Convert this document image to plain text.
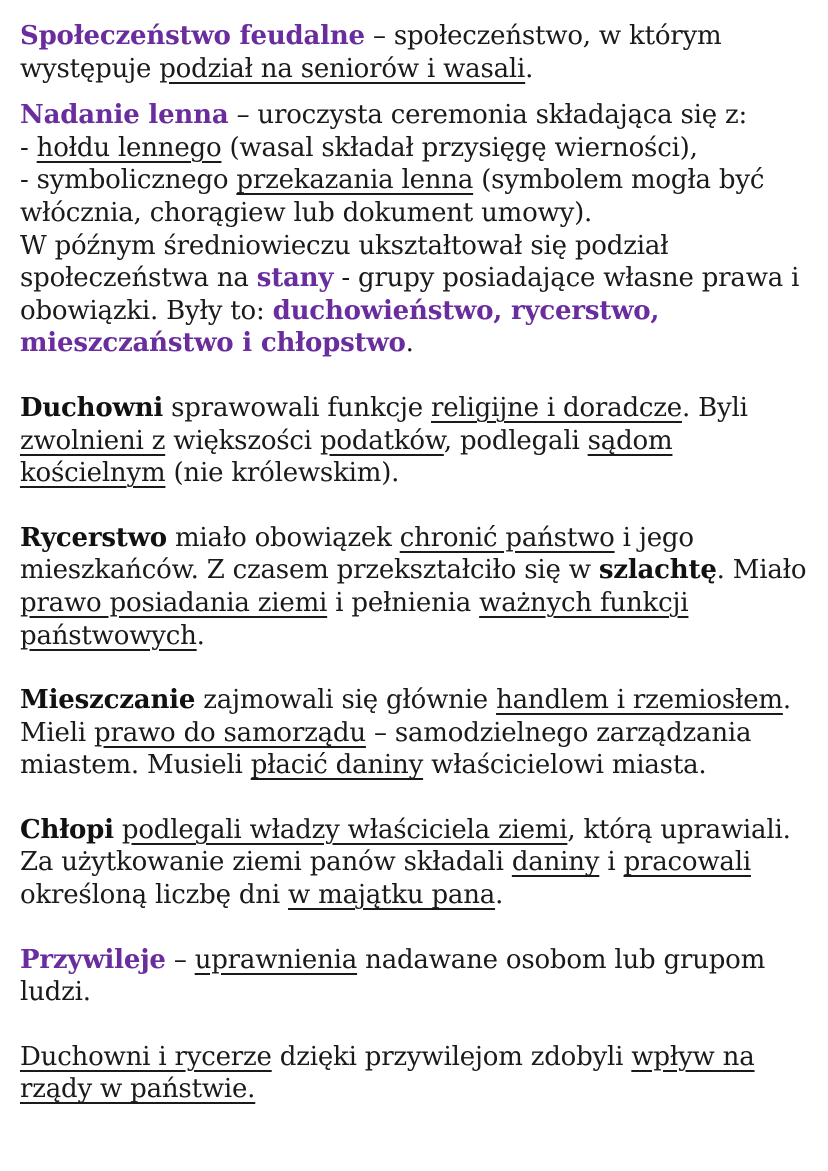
Społeczeństwo feudalne – społeczeństwo, w którym występuje podział na seniorów i wasali.

Nadanie lenna – uroczysta ceremonia składająca się z:

- hołdu lennego (wasal składał przysięgę wierności),

- symbolicznego przekazania lenna (symbolem mogła być włócznia, chorągiew lub dokument umowy).

W późnym średniowieczu ukształtował się podział społeczeństwa na stany - grupy posiadające własne prawa i obowiązki. Były to: duchowieństwo, rycerstwo, mieszczaństwo i chłopstwo.

Duchowni sprawowali funkcje religijne i doradcze. Byli zwolnieni z większości podatków, podlegali sądom kościelnym (nie królewskim).

Rycerstwo miało obowiązek chronić państwo i jego mieszkańców. Z czasem przekształciło się w szlachtę. Miało prawo posiadania ziemi i pełnienia ważnych funkcji państwowych.

Mieszczanie zajmowali się głównie handlem i rzemiosłem. Mieli prawo do samorządu – samodzielnego zarządzania miastem. Musieli płacić daniny właścicielowi miasta.

Chłopi podlegali władzy właściciela ziemi, którą uprawiali. Za użytkowanie ziemi panów składali daniny i pracowali określoną liczbę dni w majątku pana.

Przywileje – uprawnienia nadawane osobom lub grupom ludzi.

Duchowni i rycerze dzięki przywilejom zdobyli wpływ na rządy w państwie.
